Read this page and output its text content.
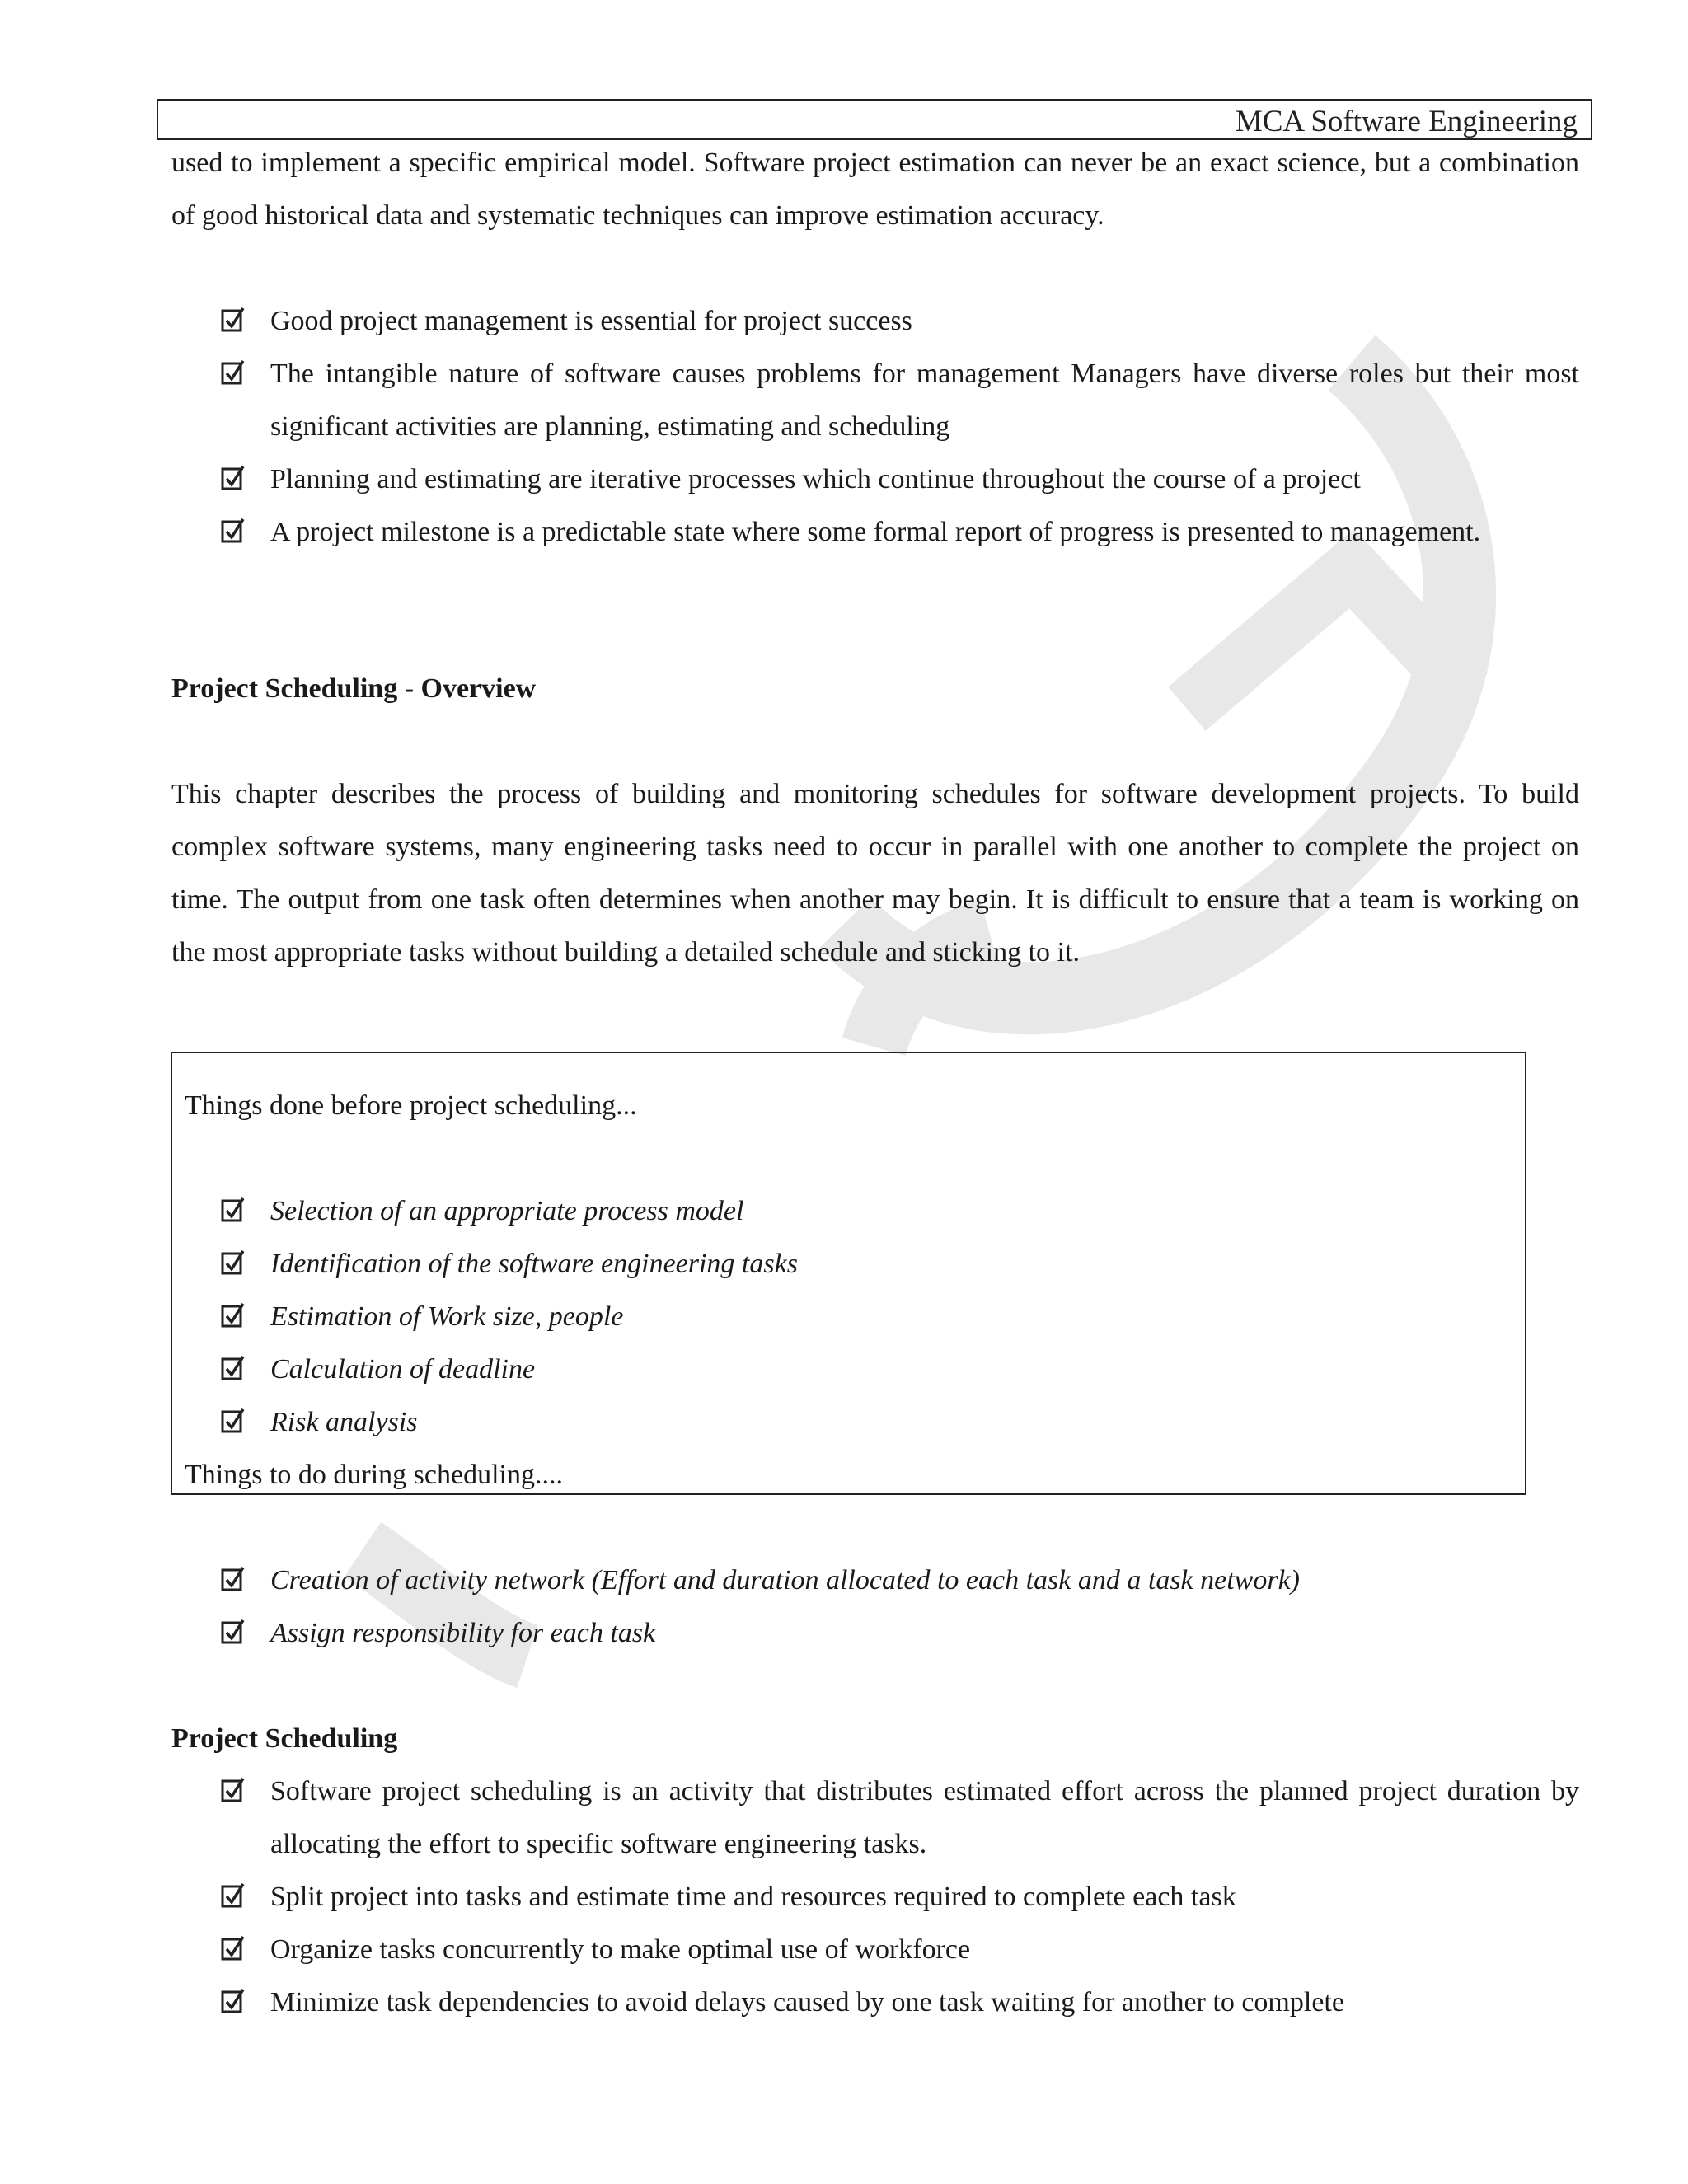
MCA Software Engineering

used to implement a specific empirical model. Software project estimation can never be an exact science, but a combination of good historical data and systematic techniques can improve estimation accuracy.

Good project management is essential for project success
The intangible nature of software causes problems for management Managers have diverse roles but their most significant activities are planning, estimating and scheduling
Planning and estimating are iterative processes which continue throughout the course of a project
A project milestone is a predictable state where some formal report of progress is presented to management.
Project Scheduling - Overview

This chapter describes the process of building and monitoring schedules for software development projects. To build complex software systems, many engineering tasks need to occur in parallel with one another to complete the project on time. The output from one task often determines when another may begin. It is difficult to ensure that a team is working on the most appropriate tasks without building a detailed schedule and sticking to it.

Things done before project scheduling...
Selection of an appropriate process model
Identification of the software engineering tasks
Estimation of Work size, people
Calculation of deadline
Risk analysis
Things to do during scheduling....
Creation of activity network (Effort and duration allocated to each task and a task network)
Assign responsibility for each task
Project Scheduling
Software project scheduling is an activity that distributes estimated effort across the planned project duration by allocating the effort to specific software engineering tasks.
Split project into tasks and estimate time and resources required to complete each task
Organize tasks concurrently to make optimal use of workforce
Minimize task dependencies to avoid delays caused by one task waiting for another to complete
